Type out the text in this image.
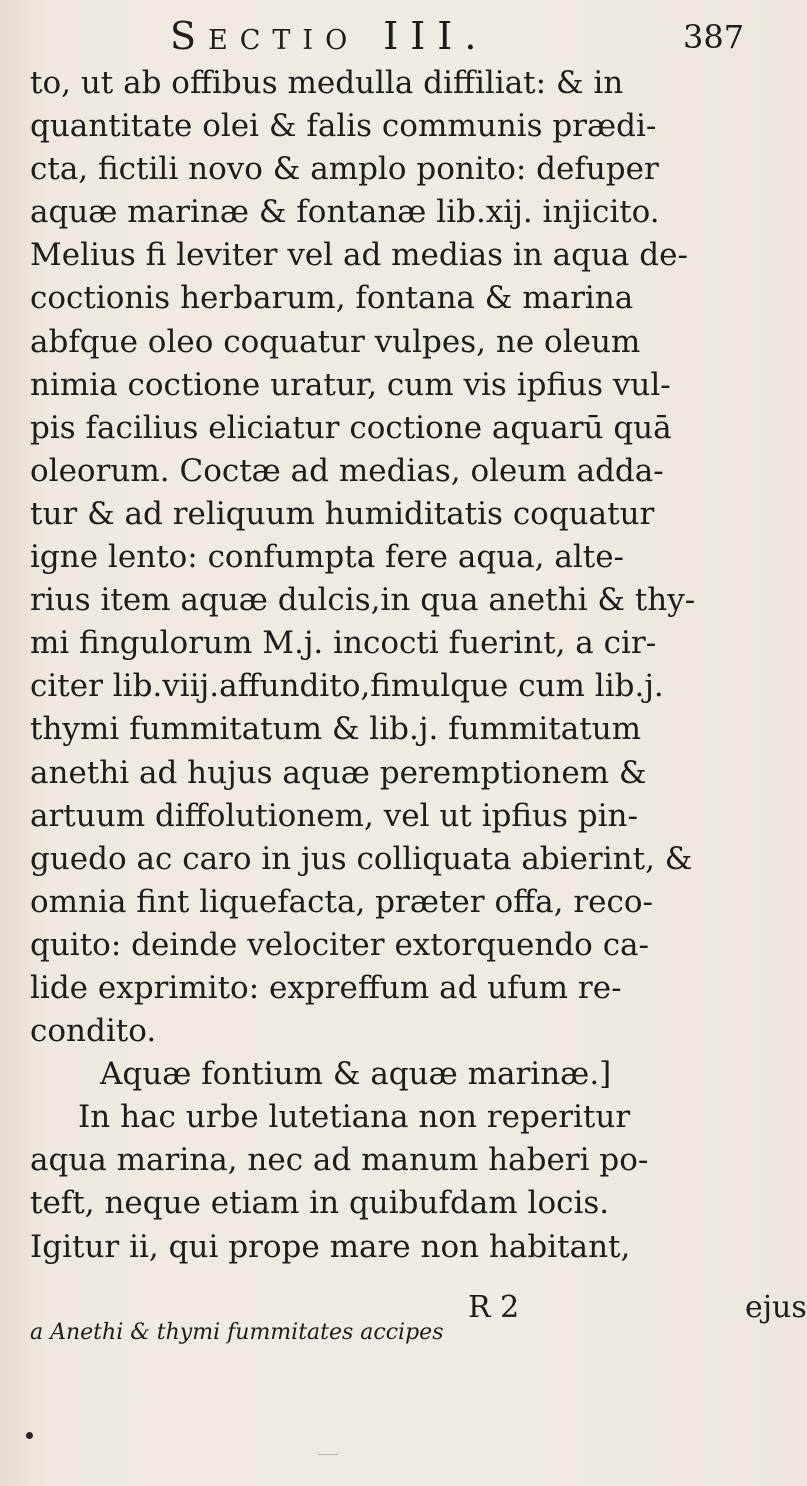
Sectio III.	387
to, ut ab offibus medulla diffiliat: & in
quantitate olei & falis communis prædi-
cta, fictili novo & amplo ponito: defuper
aquæ marinæ & fontanæ lib.xij. injicito.
Melius fi leviter vel ad medias in aqua de-
coctionis herbarum, fontana & marina
abfque oleo coquatur vulpes, ne oleum
nimia coctione uratur, cum vis ipfius vul-
pis facilius eliciatur coctione aquarū quā
oleorum. Coctæ ad medias, oleum adda-
tur & ad reliquum humiditatis coquatur
igne lento: confumpta fere aqua, alte-
rius item aquæ dulcis,in qua anethi & thy-
mi fingulorum M.j. incocti fuerint, a cir-
citer lib.viij.affundito,fimulque cum lib.j.
thymi fummitatum & lib.j. fummitatum
anethi ad hujus aquæ peremptionem &
artuum diffolutionem, vel ut ipfius pin-
guedo ac caro in jus colliquata abierint, &
omnia fint liquefacta, præter offa, reco-
quito: deinde velociter extorquendo ca-
lide exprimito: expreffum ad ufum re-
condito.
Aquæ fontium & aquæ marinæ.]
In hac urbe lutetiana non reperitur
aqua marina, nec ad manum haberi po-
teft, neque etiam in quibufdam locis.
Igitur ii, qui prope mare non habitant,
R 2	ejus
a Anethi & thymi fummitates accipes
